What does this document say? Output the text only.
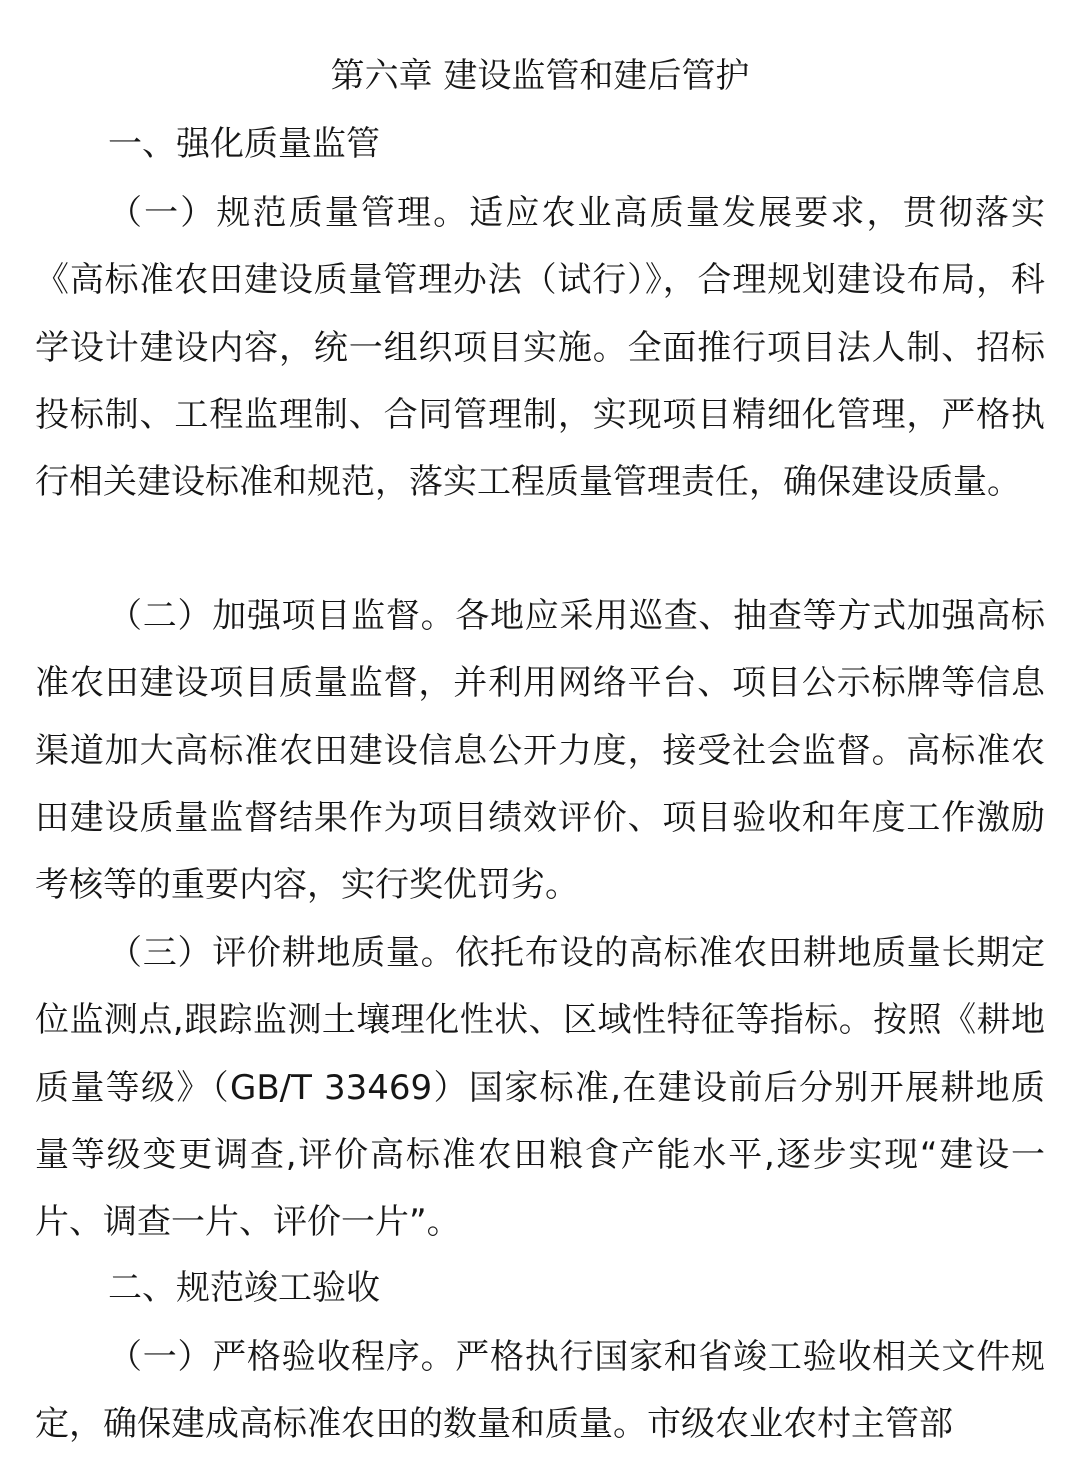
第六章 建设监管和建后管护
一、强化质量监管

（一）规范质量管理。适应农业高质量发展要求，贯彻落实《高标准农田建设质量管理办法（试行）》，合理规划建设布局，科学设计建设内容，统一组织项目实施。全面推行项目法人制、招标投标制、工程监理制、合同管理制，实现项目精细化管理，严格执行相关建设标准和规范，落实工程质量管理责任，确保建设质量。

（二）加强项目监督。各地应采用巡查、抽查等方式加强高标准农田建设项目质量监督，并利用网络平台、项目公示标牌等信息渠道加大高标准农田建设信息公开力度，接受社会监督。高标准农田建设质量监督结果作为项目绩效评价、项目验收和年度工作激励考核等的重要内容，实行奖优罚劣。

（三）评价耕地质量。依托布设的高标准农田耕地质量长期定位监测点,跟踪监测土壤理化性状、区域性特征等指标。按照《耕地质量等级》（GB/T 33469）国家标准,在建设前后分别开展耕地质量等级变更调查,评价高标准农田粮食产能水平,逐步实现“建设一片、调查一片、评价一片”。

二、规范竣工验收

（一）严格验收程序。严格执行国家和省竣工验收相关文件规定，确保建成高标准农田的数量和质量。市级农业农村主管部
